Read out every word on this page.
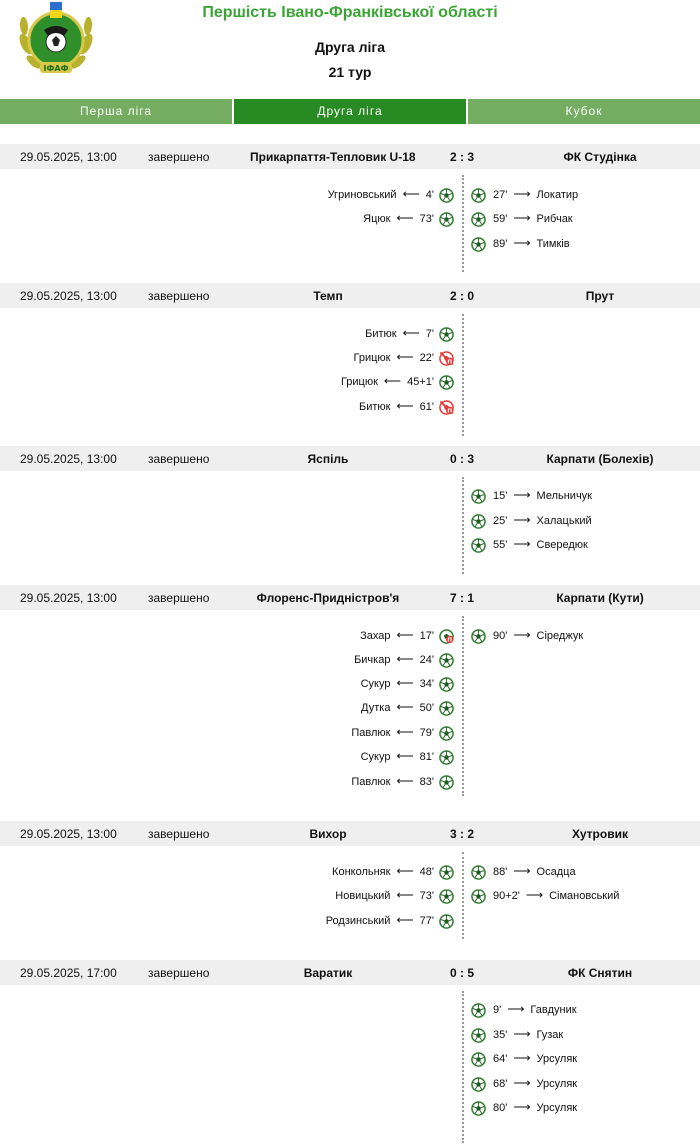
ІФАФ
Першість Івано-Франківської області
Друга ліга
21 тур
Перша ліга	Друга ліга	Кубок
29.05.2025, 13:00	завершено	Прикарпаття-Тепловик U-18	2 : 3	ФК Студінка
Угриновський ⟵ 4'
Яцюк ⟵ 73'
27' ⟶ Локатир
59' ⟶ Рибчак
89' ⟶ Тимків
29.05.2025, 13:00	завершено	Темп	2 : 0	Прут
Битюк ⟵ 7'
Грицюк ⟵ 22' П
Грицюк ⟵ 45+1'
Битюк ⟵ 61' П
29.05.2025, 13:00	завершено	Яспіль	0 : 3	Карпати (Болехів)
15' ⟶ Мельничук
25' ⟶ Халацький
55' ⟶ Свередюк
29.05.2025, 13:00	завершено	Флоренс-Придністров'я	7 : 1	Карпати (Кути)
Захар ⟵ 17' П
Бичкар ⟵ 24'
Сукур ⟵ 34'
Дутка ⟵ 50'
Павлюк ⟵ 79'
Сукур ⟵ 81'
Павлюк ⟵ 83'
90' ⟶ Сіреджук
29.05.2025, 13:00	завершено	Вихор	3 : 2	Хутровик
Конкольняк ⟵ 48'
Новицький ⟵ 73'
Родзинський ⟵ 77'
88' ⟶ Осадца
90+2' ⟶ Сімановський
29.05.2025, 17:00	завершено	Варатик	0 : 5	ФК Снятин
9' ⟶ Гавдуник
35' ⟶ Гузак
64' ⟶ Урсуляк
68' ⟶ Урсуляк
80' ⟶ Урсуляк
